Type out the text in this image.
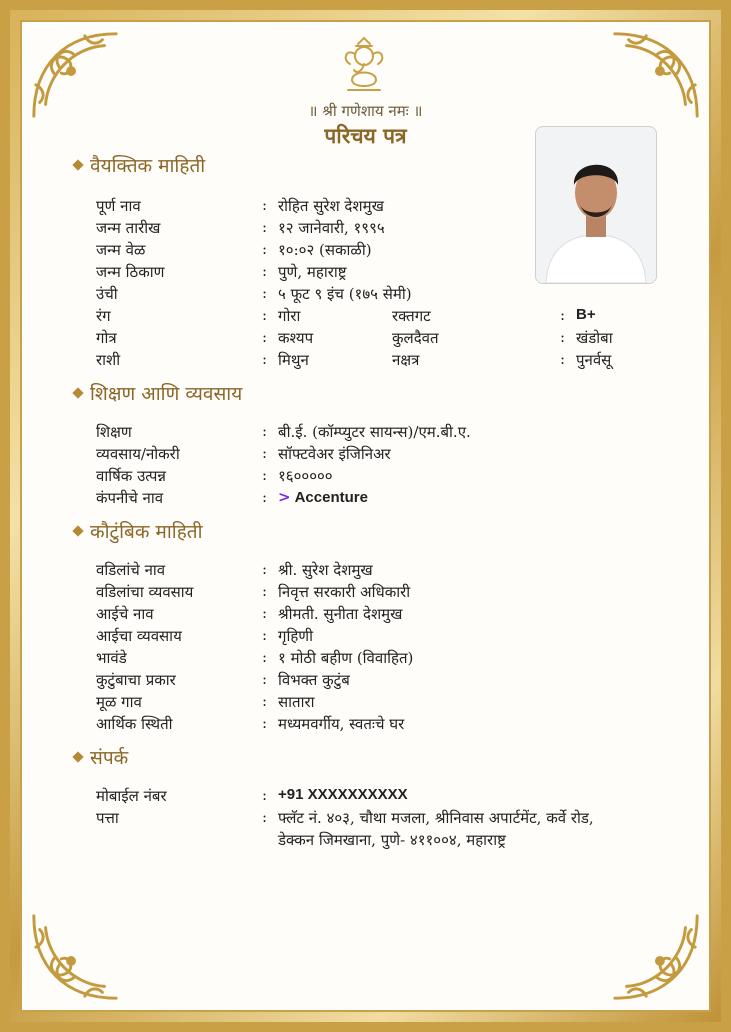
॥ श्री गणेशाय नमः ॥
परिचय पत्र
वैयक्तिक माहिती
पूर्ण नाव	: रोहित सुरेश देशमुख
जन्म तारीख	: १२ जानेवारी, १९९५
जन्म वेळ	: १०:०२ (सकाळी)
जन्म ठिकाण	: पुणे, महाराष्ट्र
उंची	: ५ फूट ९ इंच (१७५ सेमी)
रंग	: गोरा	रक्तगट	: B+
गोत्र	: कश्यप	कुलदैवत	: खंडोबा
राशी	: मिथुन	नक्षत्र	: पुनर्वसू
शिक्षण आणि व्यवसाय
शिक्षण	: बी.ई. (कॉम्प्युटर सायन्स)/एम.बी.ए.
व्यवसाय/नोकरी	: सॉफ्टवेअर इंजिनिअर
वार्षिक उत्पन्न	: १६०००००
कंपनीचे नाव	: > Accenture
कौटुंबिक माहिती
वडिलांचे नाव	: श्री. सुरेश देशमुख
वडिलांचा व्यवसाय	: निवृत्त सरकारी अधिकारी
आईचे नाव	: श्रीमती. सुनीता देशमुख
आईचा व्यवसाय	: गृहिणी
भावंडे	: १ मोठी बहीण (विवाहित)
कुटुंबाचा प्रकार	: विभक्त कुटुंब
मूळ गाव	: सातारा
आर्थिक स्थिती	: मध्यमवर्गीय, स्वतःचे घर
संपर्क
मोबाईल नंबर	: +91 XXXXXXXXXX
पत्ता	: फ्लॅट नं. ४०३, चौथा मजला, श्रीनिवास अपार्टमेंट, कर्वे रोड,
डेक्कन जिमखाना, पुणे- ४११००४, महाराष्ट्र
